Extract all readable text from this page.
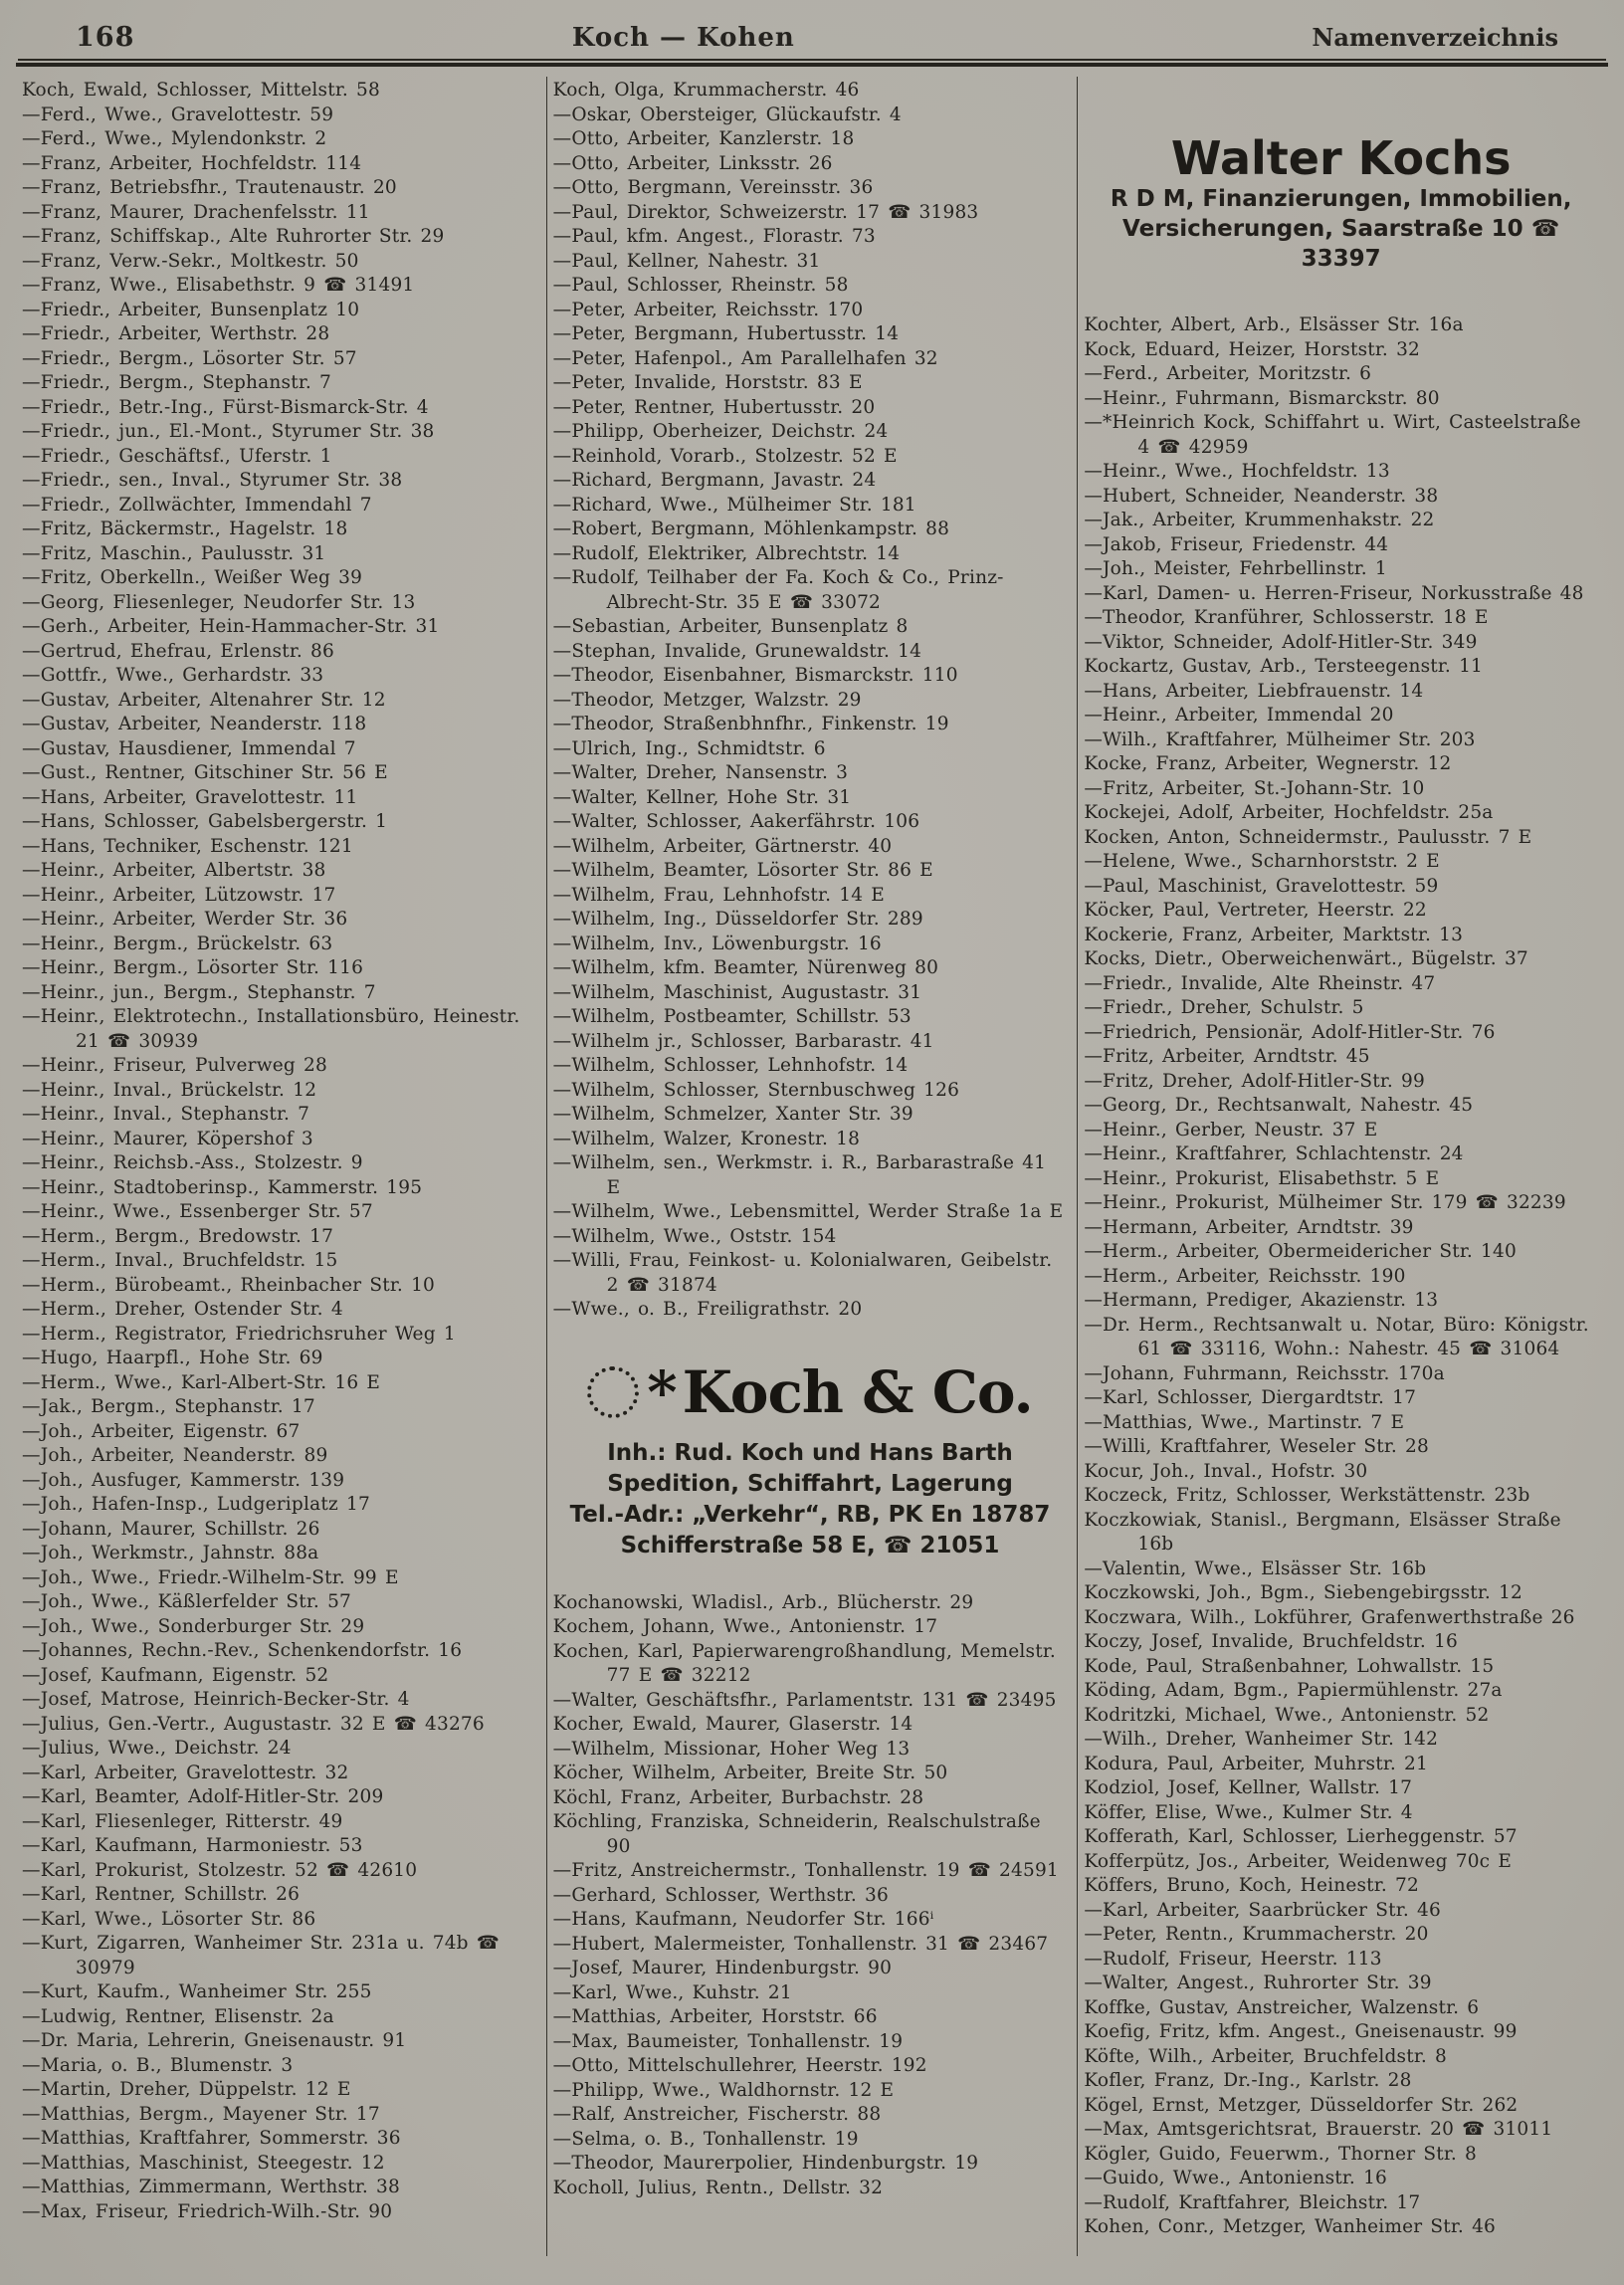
168	Koch — Kohen	Namenverzeichnis
Koch, Ewald, Schlosser, Mittelstr. 58
—Ferd., Wwe., Gravelottestr. 59
—Ferd., Wwe., Mylendonkstr. 2
—Franz, Arbeiter, Hochfeldstr. 114
—Franz, Betriebsfhr., Trautenaustr. 20
—Franz, Maurer, Drachenfelsstr. 11
—Franz, Schiffskap., Alte Ruhrorter Str. 29
—Franz, Verw.-Sekr., Moltkestr. 50
—Franz, Wwe., Elisabethstr. 9 ☎ 31491
—Friedr., Arbeiter, Bunsenplatz 10
—Friedr., Arbeiter, Werthstr. 28
—Friedr., Bergm., Lösorter Str. 57
—Friedr., Bergm., Stephanstr. 7
—Friedr., Betr.-Ing., Fürst-Bismarck-Str. 4
—Friedr., jun., El.-Mont., Styrumer Str. 38
—Friedr., Geschäftsf., Uferstr. 1
—Friedr., sen., Inval., Styrumer Str. 38
—Friedr., Zollwächter, Immendahl 7
—Fritz, Bäckermstr., Hagelstr. 18
—Fritz, Maschin., Paulusstr. 31
—Fritz, Oberkelln., Weißer Weg 39
—Georg, Fliesenleger, Neudorfer Str. 13
—Gerh., Arbeiter, Hein-Hammacher-Str. 31
—Gertrud, Ehefrau, Erlenstr. 86
—Gottfr., Wwe., Gerhardstr. 33
—Gustav, Arbeiter, Altenahrer Str. 12
—Gustav, Arbeiter, Neanderstr. 118
—Gustav, Hausdiener, Immendal 7
—Gust., Rentner, Gitschiner Str. 56 E
—Hans, Arbeiter, Gravelottestr. 11
—Hans, Schlosser, Gabelsbergerstr. 1
—Hans, Techniker, Eschenstr. 121
—Heinr., Arbeiter, Albertstr. 38
—Heinr., Arbeiter, Lützowstr. 17
—Heinr., Arbeiter, Werder Str. 36
—Heinr., Bergm., Brückelstr. 63
—Heinr., Bergm., Lösorter Str. 116
—Heinr., jun., Bergm., Stephanstr. 7
—Heinr., Elektrotechn., Installationsbüro, Heinestr. 21 ☎ 30939
—Heinr., Friseur, Pulverweg 28
—Heinr., Inval., Brückelstr. 12
—Heinr., Inval., Stephanstr. 7
—Heinr., Maurer, Köpershof 3
—Heinr., Reichsb.-Ass., Stolzestr. 9
—Heinr., Stadtoberinsp., Kammerstr. 195
—Heinr., Wwe., Essenberger Str. 57
—Herm., Bergm., Bredowstr. 17
—Herm., Inval., Bruchfeldstr. 15
—Herm., Bürobeamt., Rheinbacher Str. 10
—Herm., Dreher, Ostender Str. 4
—Herm., Registrator, Friedrichsruher Weg 1
—Hugo, Haarpfl., Hohe Str. 69
—Herm., Wwe., Karl-Albert-Str. 16 E
—Jak., Bergm., Stephanstr. 17
—Joh., Arbeiter, Eigenstr. 67
—Joh., Arbeiter, Neanderstr. 89
—Joh., Ausfuger, Kammerstr. 139
—Joh., Hafen-Insp., Ludgeriplatz 17
—Johann, Maurer, Schillstr. 26
—Joh., Werkmstr., Jahnstr. 88a
—Joh., Wwe., Friedr.-Wilhelm-Str. 99 E
—Joh., Wwe., Käßlerfelder Str. 57
—Joh., Wwe., Sonderburger Str. 29
—Johannes, Rechn.-Rev., Schenkendorfstr. 16
—Josef, Kaufmann, Eigenstr. 52
—Josef, Matrose, Heinrich-Becker-Str. 4
—Julius, Gen.-Vertr., Augustastr. 32 E ☎ 43276
—Julius, Wwe., Deichstr. 24
—Karl, Arbeiter, Gravelottestr. 32
—Karl, Beamter, Adolf-Hitler-Str. 209
—Karl, Fliesenleger, Ritterstr. 49
—Karl, Kaufmann, Harmoniestr. 53
—Karl, Prokurist, Stolzestr. 52 ☎ 42610
—Karl, Rentner, Schillstr. 26
—Karl, Wwe., Lösorter Str. 86
—Kurt, Zigarren, Wanheimer Str. 231a u. 74b ☎ 30979
—Kurt, Kaufm., Wanheimer Str. 255
—Ludwig, Rentner, Elisenstr. 2a
—Dr. Maria, Lehrerin, Gneisenaustr. 91
—Maria, o. B., Blumenstr. 3
—Martin, Dreher, Düppelstr. 12 E
—Matthias, Bergm., Mayener Str. 17
—Matthias, Kraftfahrer, Sommerstr. 36
—Matthias, Maschinist, Steegestr. 12
—Matthias, Zimmermann, Werthstr. 38
—Max, Friseur, Friedrich-Wilh.-Str. 90
Koch, Olga, Krummacherstr. 46
—Oskar, Obersteiger, Glückaufstr. 4
—Otto, Arbeiter, Kanzlerstr. 18
—Otto, Arbeiter, Linksstr. 26
—Otto, Bergmann, Vereinsstr. 36
—Paul, Direktor, Schweizerstr. 17 ☎ 31983
—Paul, kfm. Angest., Florastr. 73
—Paul, Kellner, Nahestr. 31
—Paul, Schlosser, Rheinstr. 58
—Peter, Arbeiter, Reichsstr. 170
—Peter, Bergmann, Hubertusstr. 14
—Peter, Hafenpol., Am Parallelhafen 32
—Peter, Invalide, Horststr. 83 E
—Peter, Rentner, Hubertusstr. 20
—Philipp, Oberheizer, Deichstr. 24
—Reinhold, Vorarb., Stolzestr. 52 E
—Richard, Bergmann, Javastr. 24
—Richard, Wwe., Mülheimer Str. 181
—Robert, Bergmann, Möhlenkampstr. 88
—Rudolf, Elektriker, Albrechtstr. 14
—Rudolf, Teilhaber der Fa. Koch & Co., Prinz-Albrecht-Str. 35 E ☎ 33072
—Sebastian, Arbeiter, Bunsenplatz 8
—Stephan, Invalide, Grunewaldstr. 14
—Theodor, Eisenbahner, Bismarckstr. 110
—Theodor, Metzger, Walzstr. 29
—Theodor, Straßenbhnfhr., Finkenstr. 19
—Ulrich, Ing., Schmidtstr. 6
—Walter, Dreher, Nansenstr. 3
—Walter, Kellner, Hohe Str. 31
—Walter, Schlosser, Aakerfährstr. 106
—Wilhelm, Arbeiter, Gärtnerstr. 40
—Wilhelm, Beamter, Lösorter Str. 86 E
—Wilhelm, Frau, Lehnhofstr. 14 E
—Wilhelm, Ing., Düsseldorfer Str. 289
—Wilhelm, Inv., Löwenburgstr. 16
—Wilhelm, kfm. Beamter, Nürenweg 80
—Wilhelm, Maschinist, Augustastr. 31
—Wilhelm, Postbeamter, Schillstr. 53
—Wilhelm jr., Schlosser, Barbarastr. 41
—Wilhelm, Schlosser, Lehnhofstr. 14
—Wilhelm, Schlosser, Sternbuschweg 126
—Wilhelm, Schmelzer, Xanter Str. 39
—Wilhelm, Walzer, Kronestr. 18
—Wilhelm, sen., Werkmstr. i. R., Barbarastraße 41 E
—Wilhelm, Wwe., Lebensmittel, Werder Straße 1a E
—Wilhelm, Wwe., Oststr. 154
—Willi, Frau, Feinkost- u. Kolonialwaren, Geibelstr. 2 ☎ 31874
—Wwe., o. B., Freiligrathstr. 20
* Koch & Co.
Inh.: Rud. Koch und Hans Barth
Spedition, Schiffahrt, Lagerung
Tel.-Adr.: „Verkehr“, RB, PK En 18787
Schifferstraße 58 E, ☎ 21051
Kochanowski, Wladisl., Arb., Blücherstr. 29
Kochem, Johann, Wwe., Antonienstr. 17
Kochen, Karl, Papierwarengroßhandlung, Memelstr. 77 E ☎ 32212
—Walter, Geschäftsfhr., Parlamentstr. 131 ☎ 23495
Kocher, Ewald, Maurer, Glaserstr. 14
—Wilhelm, Missionar, Hoher Weg 13
Köcher, Wilhelm, Arbeiter, Breite Str. 50
Köchl, Franz, Arbeiter, Burbachstr. 28
Köchling, Franziska, Schneiderin, Realschulstraße 90
—Fritz, Anstreichermstr., Tonhallenstr. 19 ☎ 24591
—Gerhard, Schlosser, Werthstr. 36
—Hans, Kaufmann, Neudorfer Str. 166ⁱ
—Hubert, Malermeister, Tonhallenstr. 31 ☎ 23467
—Josef, Maurer, Hindenburgstr. 90
—Karl, Wwe., Kuhstr. 21
—Matthias, Arbeiter, Horststr. 66
—Max, Baumeister, Tonhallenstr. 19
—Otto, Mittelschullehrer, Heerstr. 192
—Philipp, Wwe., Waldhornstr. 12 E
—Ralf, Anstreicher, Fischerstr. 88
—Selma, o. B., Tonhallenstr. 19
—Theodor, Maurerpolier, Hindenburgstr. 19
Kocholl, Julius, Rentn., Dellstr. 32
Walter Kochs
R D M, Finanzierungen, Immobilien,
Versicherungen, Saarstraße 10 ☎ 33397
Kochter, Albert, Arb., Elsässer Str. 16a
Kock, Eduard, Heizer, Horststr. 32
—Ferd., Arbeiter, Moritzstr. 6
—Heinr., Fuhrmann, Bismarckstr. 80
—*Heinrich Kock, Schiffahrt u. Wirt, Casteelstraße 4 ☎ 42959
—Heinr., Wwe., Hochfeldstr. 13
—Hubert, Schneider, Neanderstr. 38
—Jak., Arbeiter, Krummenhakstr. 22
—Jakob, Friseur, Friedenstr. 44
—Joh., Meister, Fehrbellinstr. 1
—Karl, Damen- u. Herren-Friseur, Norkusstraße 48
—Theodor, Kranführer, Schlosserstr. 18 E
—Viktor, Schneider, Adolf-Hitler-Str. 349
Kockartz, Gustav, Arb., Tersteegenstr. 11
—Hans, Arbeiter, Liebfrauenstr. 14
—Heinr., Arbeiter, Immendal 20
—Wilh., Kraftfahrer, Mülheimer Str. 203
Kocke, Franz, Arbeiter, Wegnerstr. 12
—Fritz, Arbeiter, St.-Johann-Str. 10
Kockejei, Adolf, Arbeiter, Hochfeldstr. 25a
Kocken, Anton, Schneidermstr., Paulusstr. 7 E
—Helene, Wwe., Scharnhorststr. 2 E
—Paul, Maschinist, Gravelottestr. 59
Köcker, Paul, Vertreter, Heerstr. 22
Kockerie, Franz, Arbeiter, Marktstr. 13
Kocks, Dietr., Oberweichenwärt., Bügelstr. 37
—Friedr., Invalide, Alte Rheinstr. 47
—Friedr., Dreher, Schulstr. 5
—Friedrich, Pensionär, Adolf-Hitler-Str. 76
—Fritz, Arbeiter, Arndtstr. 45
—Fritz, Dreher, Adolf-Hitler-Str. 99
—Georg, Dr., Rechtsanwalt, Nahestr. 45
—Heinr., Gerber, Neustr. 37 E
—Heinr., Kraftfahrer, Schlachtenstr. 24
—Heinr., Prokurist, Elisabethstr. 5 E
—Heinr., Prokurist, Mülheimer Str. 179 ☎ 32239
—Hermann, Arbeiter, Arndtstr. 39
—Herm., Arbeiter, Obermeidericher Str. 140
—Herm., Arbeiter, Reichsstr. 190
—Hermann, Prediger, Akazienstr. 13
—Dr. Herm., Rechtsanwalt u. Notar, Büro: Königstr. 61 ☎ 33116, Wohn.: Nahestr. 45 ☎ 31064
—Johann, Fuhrmann, Reichsstr. 170a
—Karl, Schlosser, Diergardtstr. 17
—Matthias, Wwe., Martinstr. 7 E
—Willi, Kraftfahrer, Weseler Str. 28
Kocur, Joh., Inval., Hofstr. 30
Koczeck, Fritz, Schlosser, Werkstättenstr. 23b
Koczkowiak, Stanisl., Bergmann, Elsässer Straße 16b
—Valentin, Wwe., Elsässer Str. 16b
Koczkowski, Joh., Bgm., Siebengebirgsstr. 12
Koczwara, Wilh., Lokführer, Grafenwerthstraße 26
Koczy, Josef, Invalide, Bruchfeldstr. 16
Kode, Paul, Straßenbahner, Lohwallstr. 15
Köding, Adam, Bgm., Papiermühlenstr. 27a
Kodritzki, Michael, Wwe., Antonienstr. 52
—Wilh., Dreher, Wanheimer Str. 142
Kodura, Paul, Arbeiter, Muhrstr. 21
Kodziol, Josef, Kellner, Wallstr. 17
Köffer, Elise, Wwe., Kulmer Str. 4
Kofferath, Karl, Schlosser, Lierheggenstr. 57
Kofferpütz, Jos., Arbeiter, Weidenweg 70c E
Köffers, Bruno, Koch, Heinestr. 72
—Karl, Arbeiter, Saarbrücker Str. 46
—Peter, Rentn., Krummacherstr. 20
—Rudolf, Friseur, Heerstr. 113
—Walter, Angest., Ruhrorter Str. 39
Koffke, Gustav, Anstreicher, Walzenstr. 6
Koefig, Fritz, kfm. Angest., Gneisenaustr. 99
Köfte, Wilh., Arbeiter, Bruchfeldstr. 8
Kofler, Franz, Dr.-Ing., Karlstr. 28
Kögel, Ernst, Metzger, Düsseldorfer Str. 262
—Max, Amtsgerichtsrat, Brauerstr. 20 ☎ 31011
Kögler, Guido, Feuerwm., Thorner Str. 8
—Guido, Wwe., Antonienstr. 16
—Rudolf, Kraftfahrer, Bleichstr. 17
Kohen, Conr., Metzger, Wanheimer Str. 46
